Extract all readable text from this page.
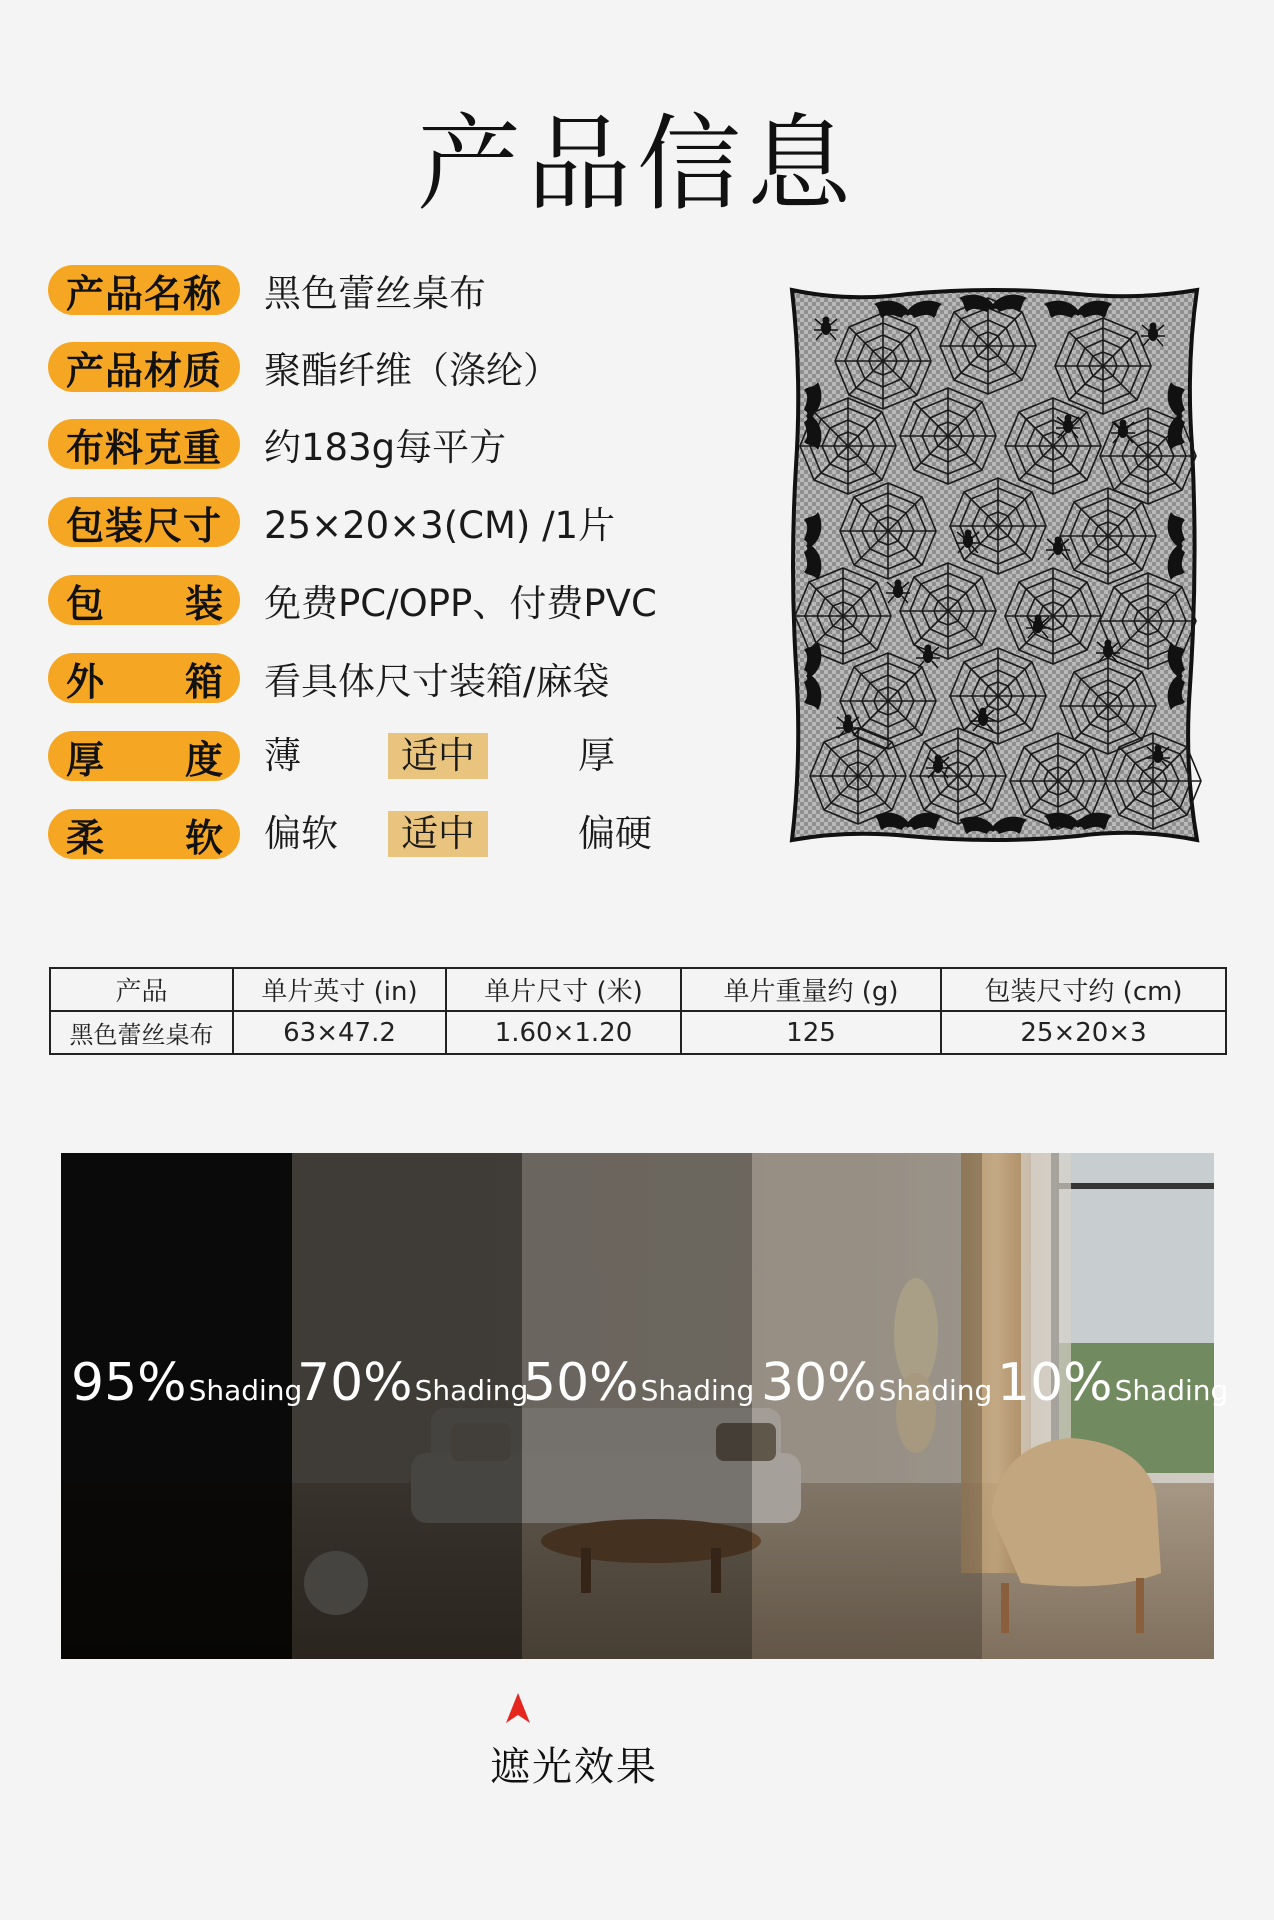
产品信息
产品名称 黑色蕾丝桌布
产品材质 聚酯纤维（涤纶）
布料克重 约183g每平方
包装尺寸 25×20×3(CM) /1片
包 装 免费PC/OPP、付费PVC
外 箱 看具体尺寸装箱/麻袋
厚 度 薄	适中	厚
柔 软 偏软	适中	偏硬
产品	单片英寸 (in)	单片尺寸 (米)	单片重量约 (g)	包装尺寸约 (cm)
黑色蕾丝桌布	63×47.2	1.60×1.20	125	25×20×3
95%Shading
70%Shading
50%Shading 30%Shading 10%Shading
遮光效果
